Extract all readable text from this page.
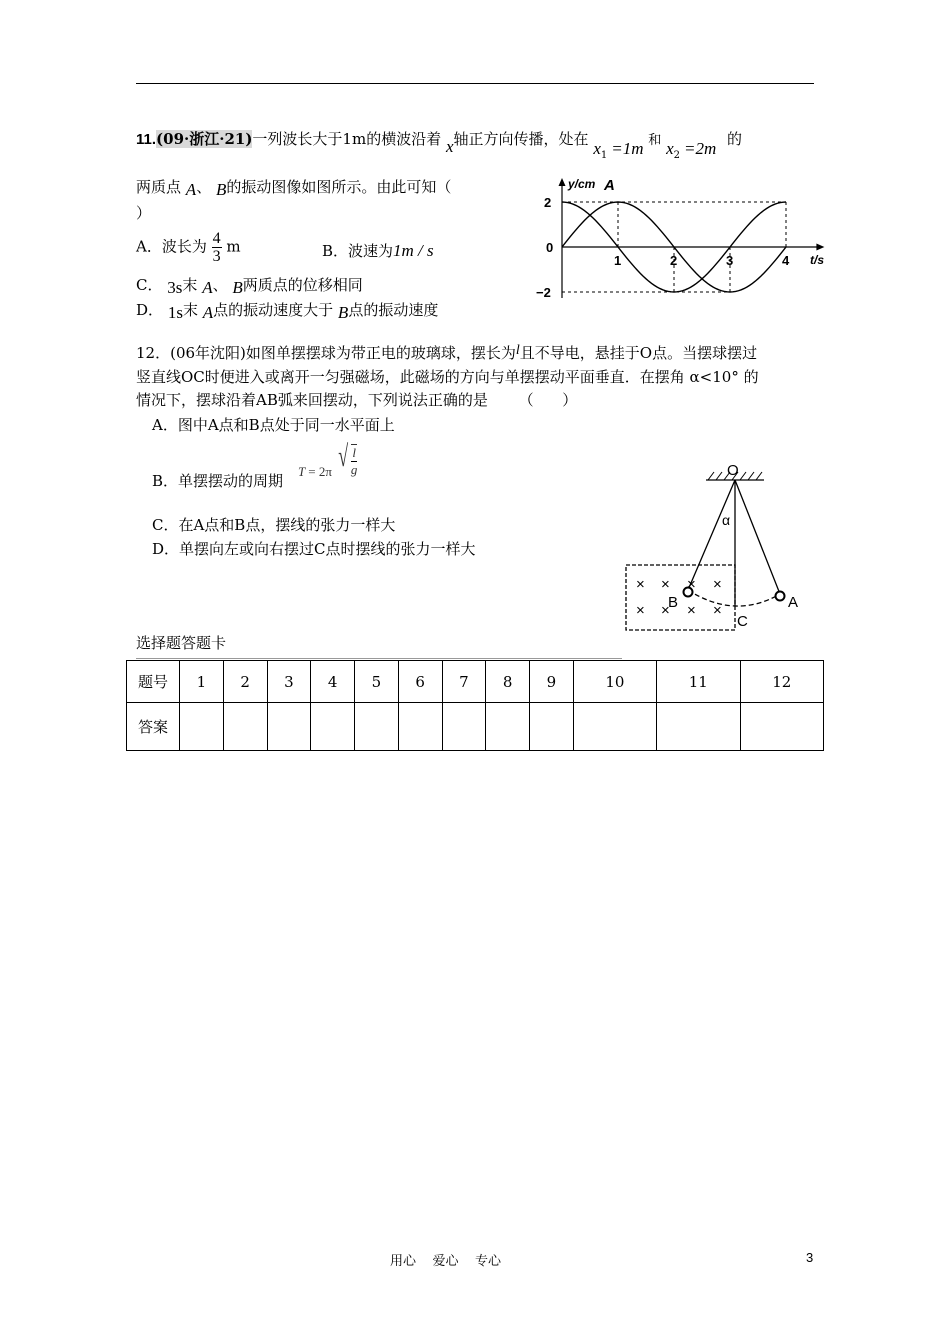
11.(09·浙江·21)一列波长大于1m的横波沿着 x轴正方向传播，处在 $x_1 =1m$ 和 $x_2 =2m$ 的
两质点 A、 B的振动图像如图所示。由此可知（
）
A．波长为 $\frac{4}{3}$ m	B．波速为1m / s
C． 3s末 A、 B两质点的位移相同
D． 1s末 A点的振动速度大于 B点的振动速度
y/cm
t/s
A
1	2	3	4
2
0
−2
12．(06年沈阳)如图单摆摆球为带正电的玻璃球，摆长为l且不导电，悬挂于O点。当摆球摆过
竖直线OC时便进入或离开一匀强磁场，此磁场的方向与单摆摆动平面垂直．在摆角 α<10° 的
情况下，摆球沿着AB弧来回摆动，下列说法正确的是 （      ）
A．图中A点和B点处于同一水平面上
B．单摆摆动的周期
T = 2π √ $\frac{l}{g}$
C．在A点和B点，摆线的张力一样大
D．单摆向左或向右摆过C点时摆线的张力一样大
O
α
B	A
C
× × × ×
× × × ×
选择题答题卡
题号	1	2	3	4	5	6	7	8	9	10	11	12
答案												
用心    爱心    专心	3
